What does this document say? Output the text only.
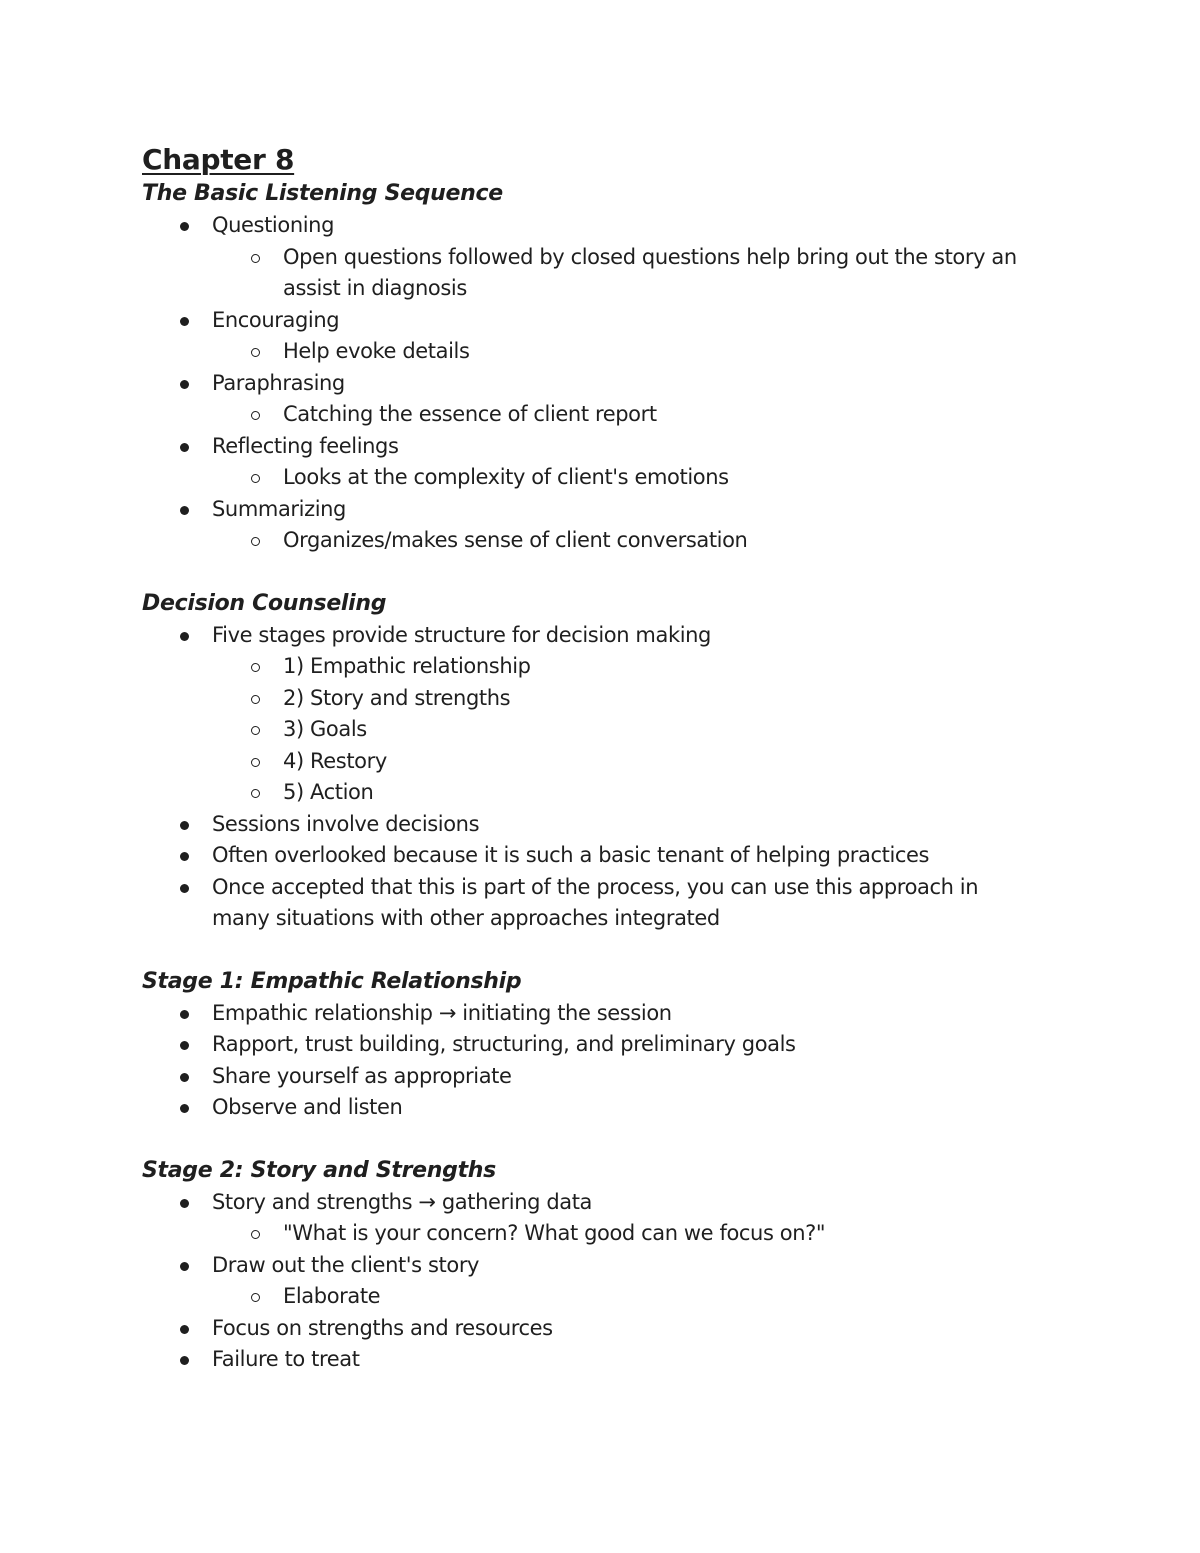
Chapter 8
The Basic Listening Sequence
Questioning
Open questions followed by closed questions help bring out the story an assist in diagnosis
Encouraging
Help evoke details
Paraphrasing
Catching the essence of client report
Reflecting feelings
Looks at the complexity of client's emotions
Summarizing
Organizes/makes sense of client conversation
Decision Counseling
Five stages provide structure for decision making
1) Empathic relationship
2) Story and strengths
3) Goals
4) Restory
5) Action
Sessions involve decisions
Often overlooked because it is such a basic tenant of helping practices
Once accepted that this is part of the process, you can use this approach in many situations with other approaches integrated
Stage 1: Empathic Relationship
Empathic relationship → initiating the session
Rapport, trust building, structuring, and preliminary goals
Share yourself as appropriate
Observe and listen
Stage 2: Story and Strengths
Story and strengths → gathering data
"What is your concern? What good can we focus on?"
Draw out the client's story
Elaborate
Focus on strengths and resources
Failure to treat
